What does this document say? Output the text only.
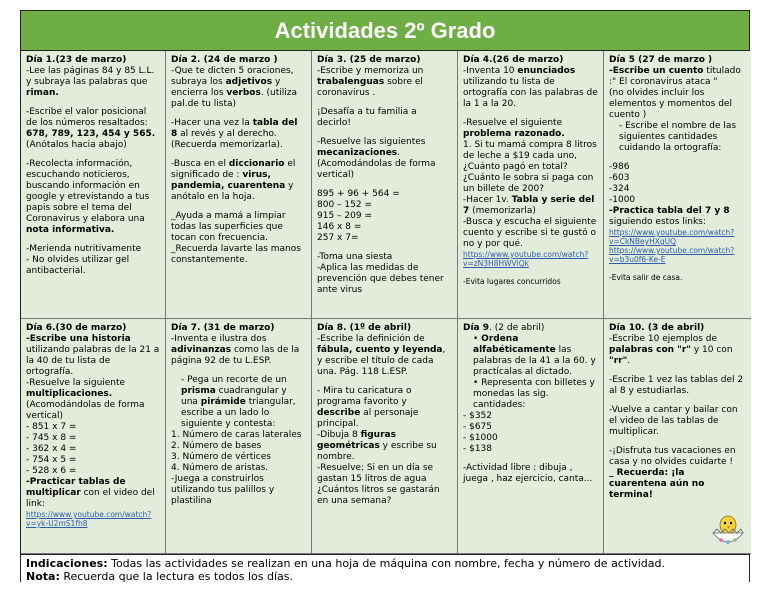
Actividades 2º Grado
Día 1.(23 de marzo)
-Lee las páginas 84 y 85 L.L. y subraya las palabras que riman.
-Escribe el valor posicional de los números resaltados: 678, 789, 123, 454 y 565.(Anótalos hacia abajo)
-Recolecta información, escuchando noticieros, buscando información en google y etrevistando a tus papis sobre el tema del Coronavirus y elabora una nota informativa.
-Merienda nutritivamente
- No olvides utilizar gel antibacterial.
Día 2. (24 de marzo )
-Que te dicten 5 oraciones, subraya los adjetivos y encierra los verbos. (utiliza pal.de tu lista)
-Hacer una vez la tabla del 8 al revés y al derecho. (Recuerda memorizarla).
-Busca en el diccionario el significado de : virus, pandemia, cuarentena y anótalo en la hoja.
_Ayuda a mamá a limpiar todas las superficies que tocan con frecuencia.
_Recuerda lavarte las manos constantemente.
Día 3. (25 de marzo)
-Escribe y memoriza un trabalenguas sobre el coronavirus .
¡Desafía a tu familia a decirlo!
-Resuelve las siguientes mecanizaciones. (Acomodándolas de forma vertical)
895 + 96 + 564 =
800 – 152 =
915 – 209 =
146 x 8 =
257 x 7=
-Toma una siesta
-Aplica las medidas de prevención que debes tener ante virus
Día 4.(26 de marzo)
-Inventa 10 enunciados utilizando tu lista de ortografía con las palabras de la 1 a la 20.
-Resuelve el siguiente problema razonado.
1. Si tu mamá compra 8 litros de leche a $19 cada uno, ¿Cuánto pagó en total?
¿Cuánto le sobra si paga con un billete de 200?
-Hacer 1v. Tabla y serie del 7 (memorizarla)
-Busca y escucha el siguiente cuento y escribe si te gustó o no y por qué.
https://www.youtube.com/watch?v=zN3H8HWVlQk
-Evita lugares concurridos
Día 5 (27 de marzo )
-Escribe un cuento titulado :" El coronavirus ataca "
(no olvides incluir los elementos y momentos del cuento )
- Escribe el nombre de las siguientes cantidades cuidando la ortografía:
-986
-603
-324
-1000
-Practica tabla del 7 y 8 siguiendo estos links:
https://www.youtube.com/watch?v=CkNBeyHXgUQ
https://www.youtube.com/watch?v=b3u0f6-Ke-E
-Evita salir de casa.
Día 6.(30 de marzo)
-Escribe una historia utilizando palabras de la 21 a la 40 de tu lista de ortografía.
-Resuelve la siguiente multiplicaciones. (Acomodándolas de forma vertical)
- 851 x 7 =
- 745 x 8 =
- 362 x 4 =
- 754 x 5 =
- 528 x 6 =
-Practicar tablas de multiplicar con el video del link:
https://www.youtube.com/watch?v=yk-U2mS1fh8
Día 7. (31 de marzo)
-Inventa e ilustra dos adivinanzas como las de la página 92 de tu L.ESP.
- Pega un recorte de un prisma cuadrangular y una pirámide triangular, escribe a un lado lo siguiente y contesta:
1. Número de caras laterales
2. Número de bases
3. Número de vértices
4. Número de aristas.
-Juega a construirlos utilizando tus palillos y plastilina
Día 8. (1º de abril)
-Escribe la definición de fábula, cuento y leyenda, y escribe el título de cada una. Pág. 118 L.ESP.
- Mira tu caricatura o programa favorito y describe al personaje principal.
-Dibuja 8 figuras geométricas y escribe su nombre.
-Resuelve: Si en un día se gastan 15 litros de agua ¿Cuántos litros se gastarán en una semana?
Día 9. (2 de abril)
• Ordena alfabéticamente las palabras de la 41 a la 60. y practícalas al dictado.
• Representa con billetes y monedas las sig. cantidades:
- $352
- $675
- $1000
- $138
-Actividad libre : dibuja , juega , haz ejercicio, canta...
Día 10. (3 de abril)
-Escribe 10 ejemplos de palabras con "r" y 10 con "rr".
-Escribe 1 vez las tablas del 2 al 8 y estudiarlas.
-Vuelve a cantar y bailar con el video de las tablas de multiplicar.
-¡Disfruta tus vacaciones en casa y no olvides cuidarte !
_ Recuerda: ¡la cuarentena aún no termina!
Indicaciones: Todas las actividades se realizan en una hoja de máquina con nombre, fecha y número de actividad.
Nota: Recuerda que la lectura es todos los días.
